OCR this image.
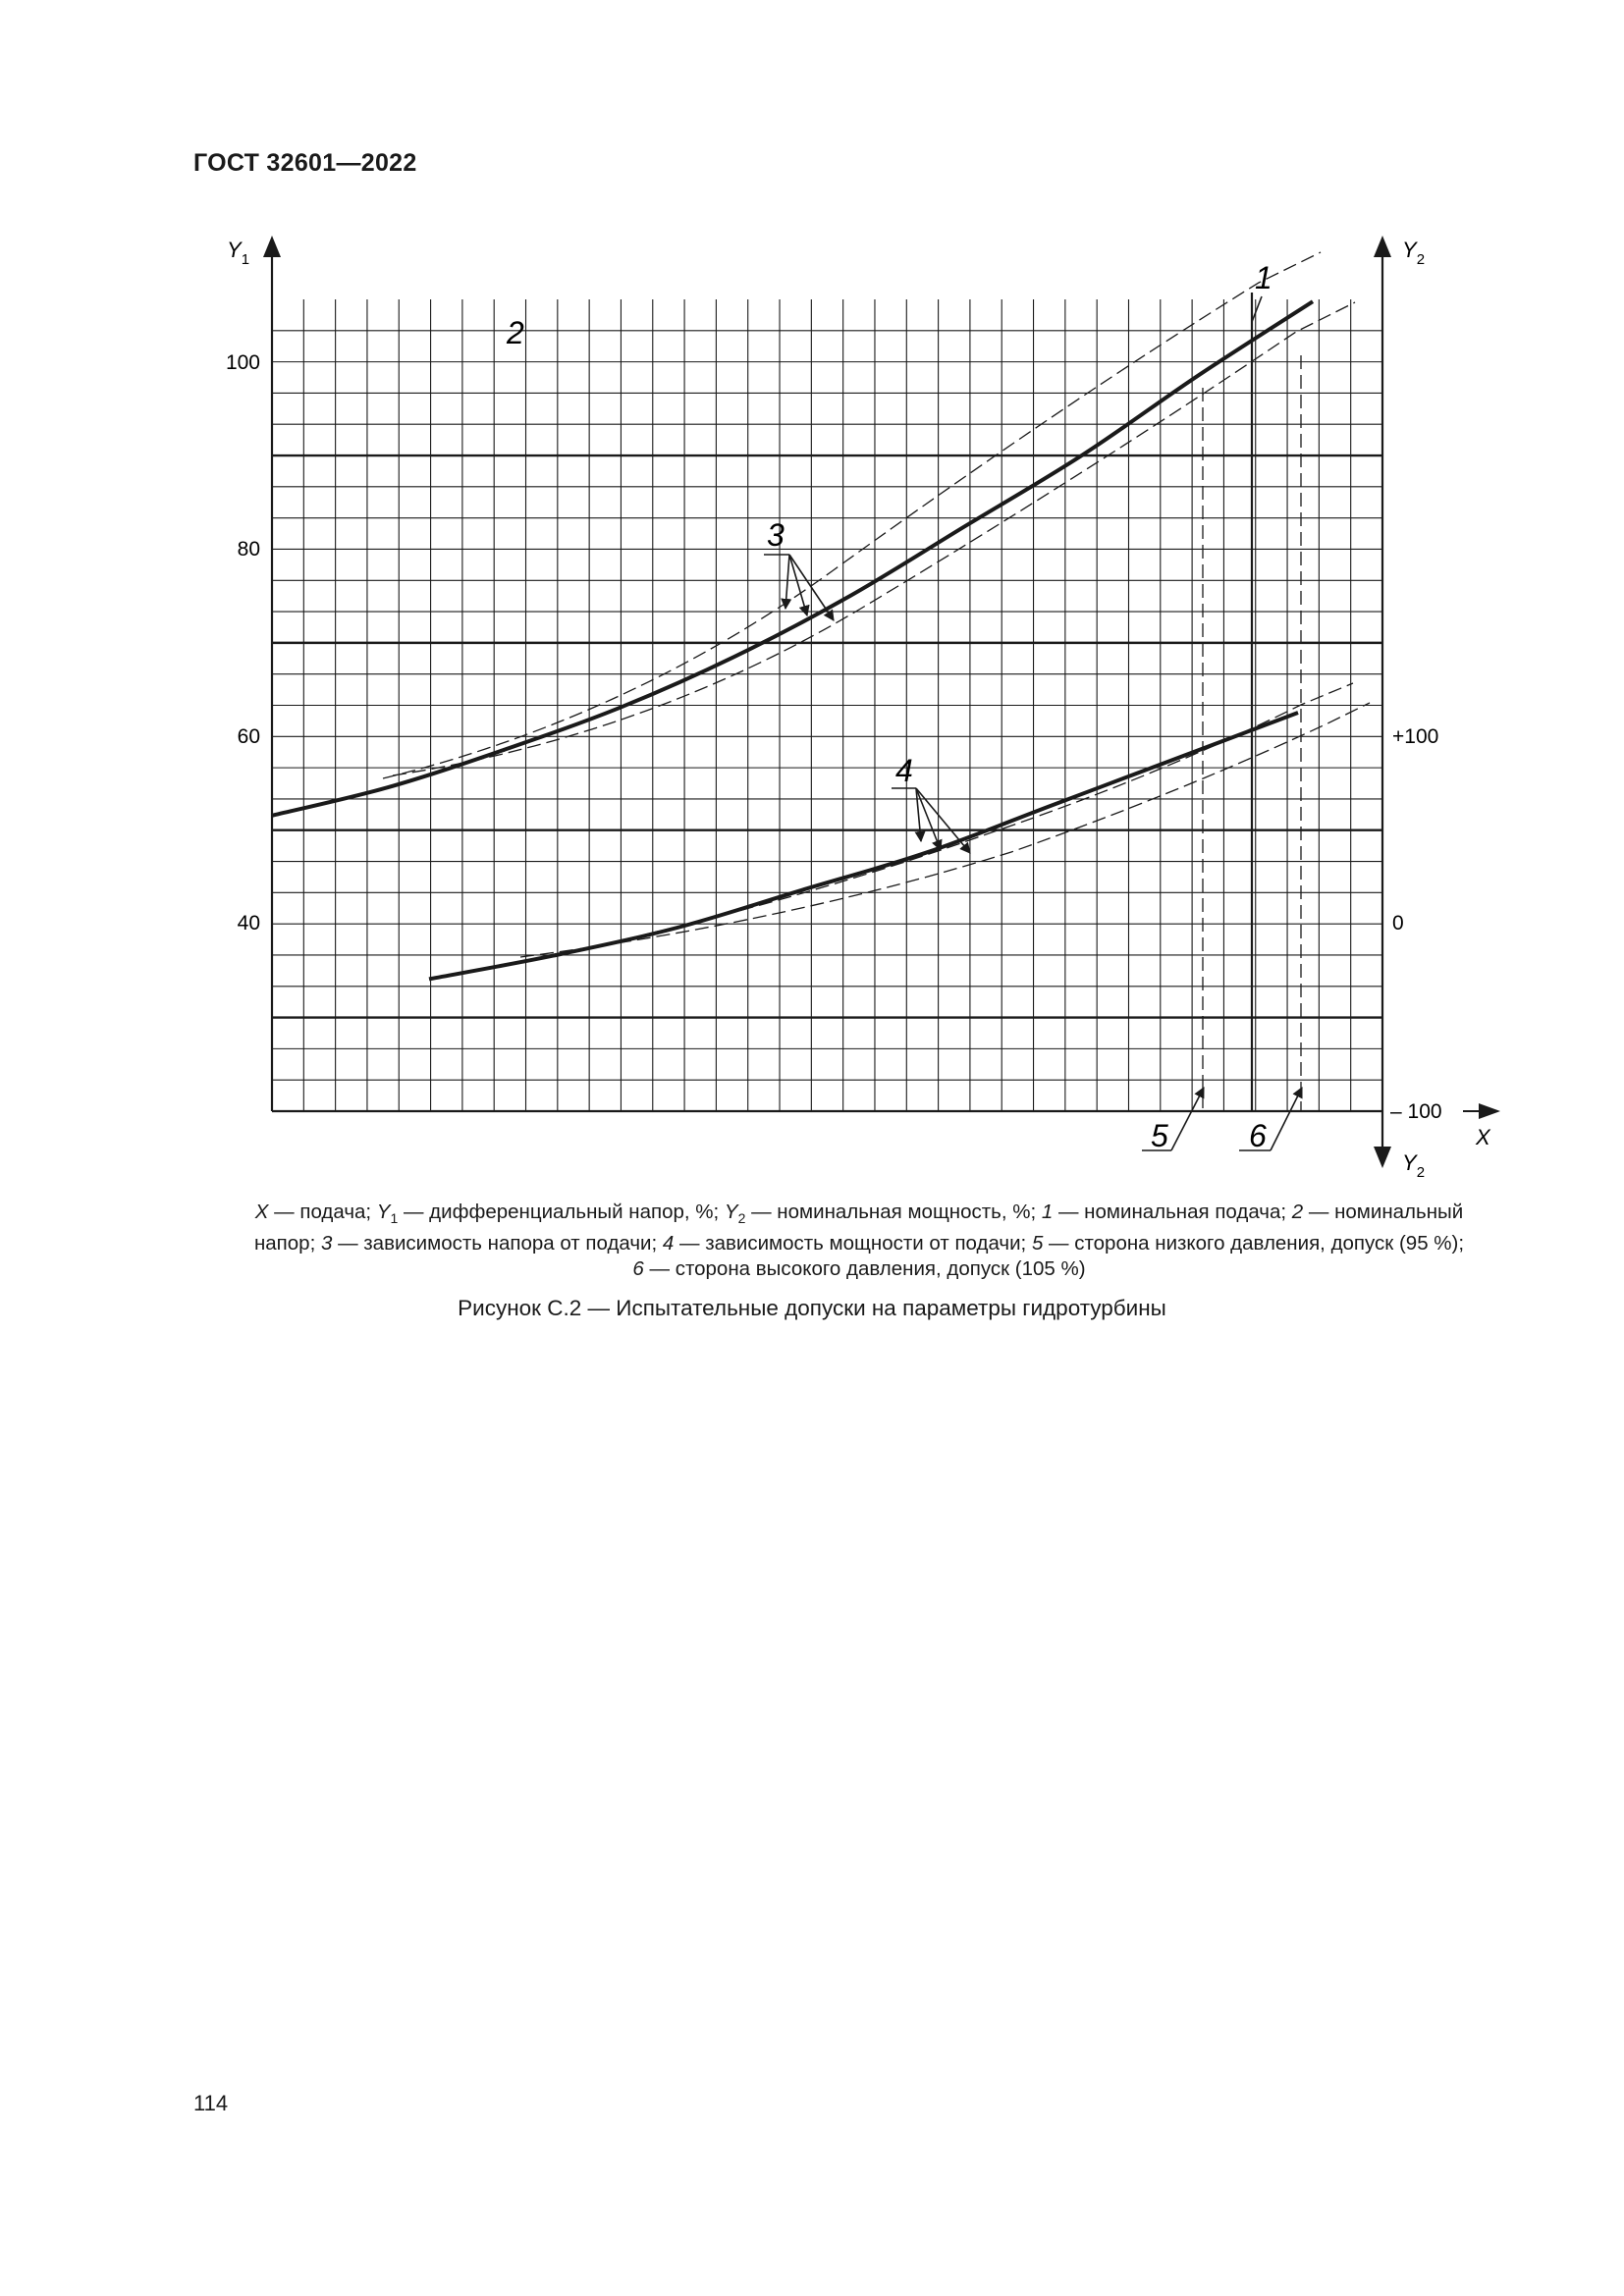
ГОСТ 32601—2022
$Y_1$	$Y_2$
$Y_2$
X
40
60
80
100
0
+100
– 100
1
2
3
4
5	6
X — подача; $Y_1$ — дифференциальный напор, %; $Y_2$ — номинальная мощность, %; 1 — номинальная подача; 2 — номинальный
напор; 3 — зависимость напора от подачи; 4 — зависимость мощности от подачи; 5 — сторона низкого давления, допуск (95 %);
6 — сторона высокого давления, допуск (105 %)
Рисунок С.2 — Испытательные допуски на параметры гидротурбины
114
